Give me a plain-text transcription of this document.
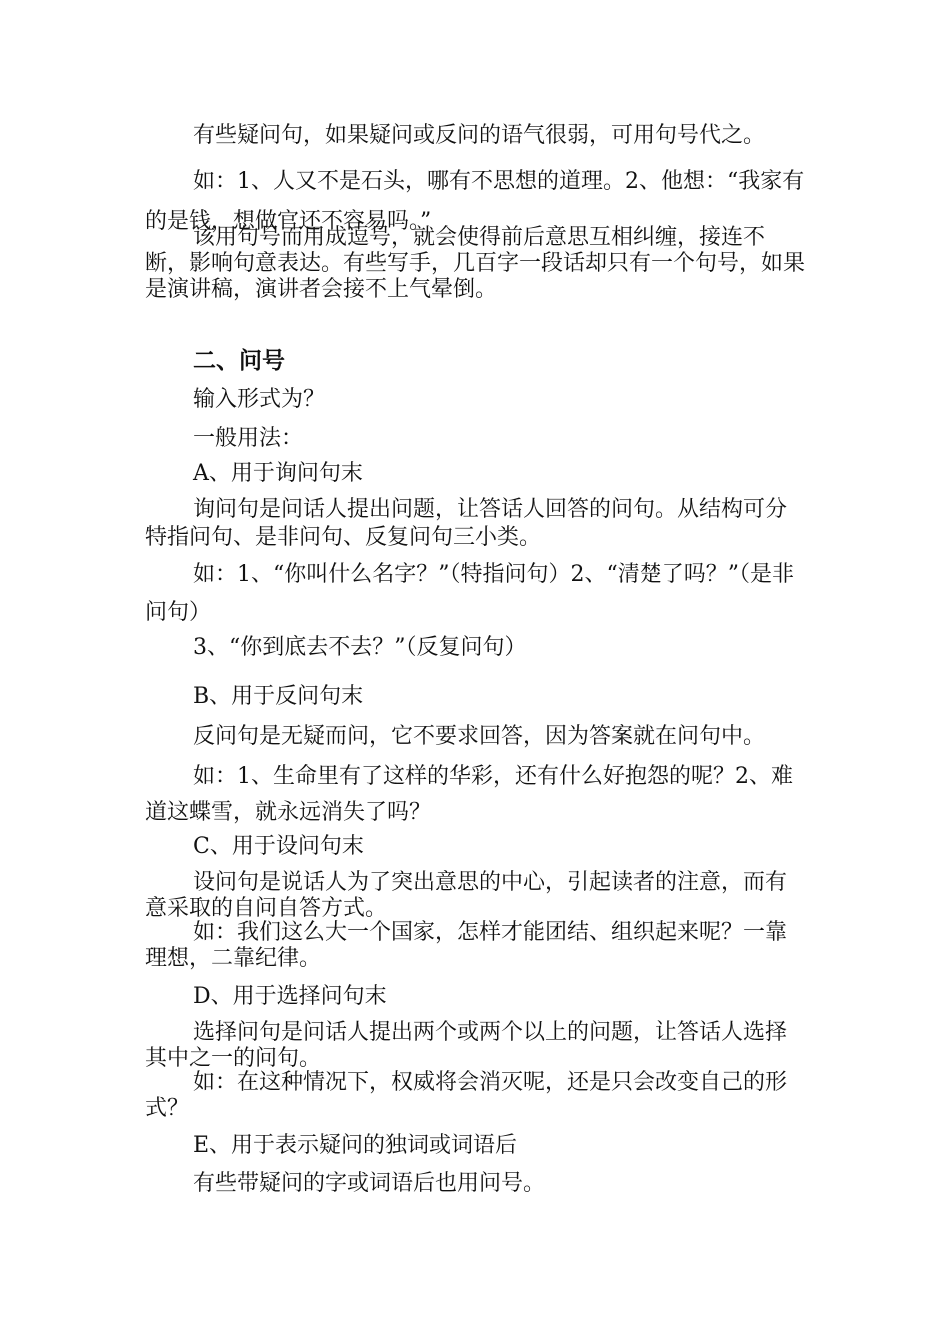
有些疑问句，如果疑问或反问的语气很弱，可用句号代之。

如：1、人又不是石头，哪有不思想的道理。2、他想：“我家有的是钱，想做官还不容易吗。”

该用句号而用成逗号，就会使得前后意思互相纠缠，接连不断，影响句意表达。有些写手，几百字一段话却只有一个句号，如果是演讲稿，演讲者会接不上气晕倒。

二、问号

输入形式为？

一般用法：

A、用于询问句末

询问句是问话人提出问题，让答话人回答的问句。从结构可分特指问句、是非问句、反复问句三小类。

如：1、“你叫什么名字？”（特指问句）2、“清楚了吗？”（是非问句）

3、“你到底去不去？”（反复问句）

B、用于反问句末

反问句是无疑而问，它不要求回答，因为答案就在问句中。

如：1、生命里有了这样的华彩，还有什么好抱怨的呢？2、难道这蝶雪，就永远消失了吗？

C、用于设问句末

设问句是说话人为了突出意思的中心，引起读者的注意，而有意采取的自问自答方式。

如：我们这么大一个国家，怎样才能团结、组织起来呢？一靠理想，二靠纪律。

D、用于选择问句末

选择问句是问话人提出两个或两个以上的问题，让答话人选择其中之一的问句。

如：在这种情况下，权威将会消灭呢，还是只会改变自己的形式？

E、用于表示疑问的独词或词语后

有些带疑问的字或词语后也用问号。
